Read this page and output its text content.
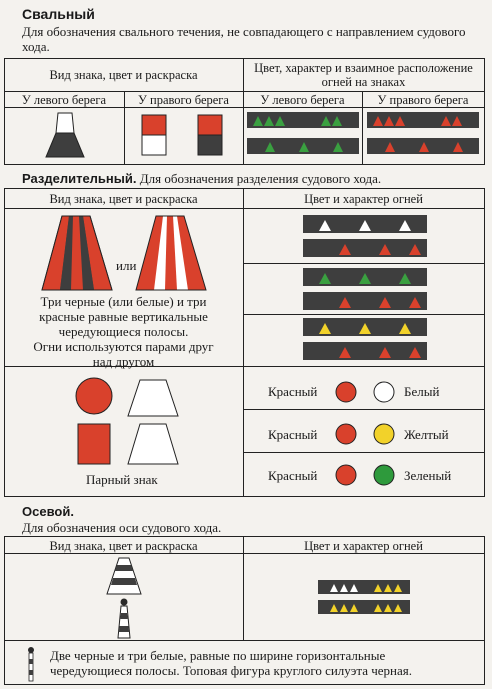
Свальный
Для обозначения свального течения, не совпадающего с направлением судового хода.
Вид знака, цвет и раскраска	Цвет, характер и взаимное расположение огней на знаках
У левого берега	У правого берега	У левого берега	У правого берега
Разделительный. Для обозначения разделения судового хода.
Вид знака, цвет и раскраска	Цвет и характер огней
или
Три черные (или белые) и три
красные равные вертикальные
чередующиеся полосы.
Огни используются парами друг
над другом
Парный знак
Красный	Белый
Красный	Желтый
Красный	Зеленый
Осевой.
Для обозначения оси судового хода.
Вид знака, цвет и раскраска	Цвет и характер огней
Две черные и три белые, равные по ширине горизонтальные
чередующиеся полосы. Топовая фигура круглого силуэта черная.
